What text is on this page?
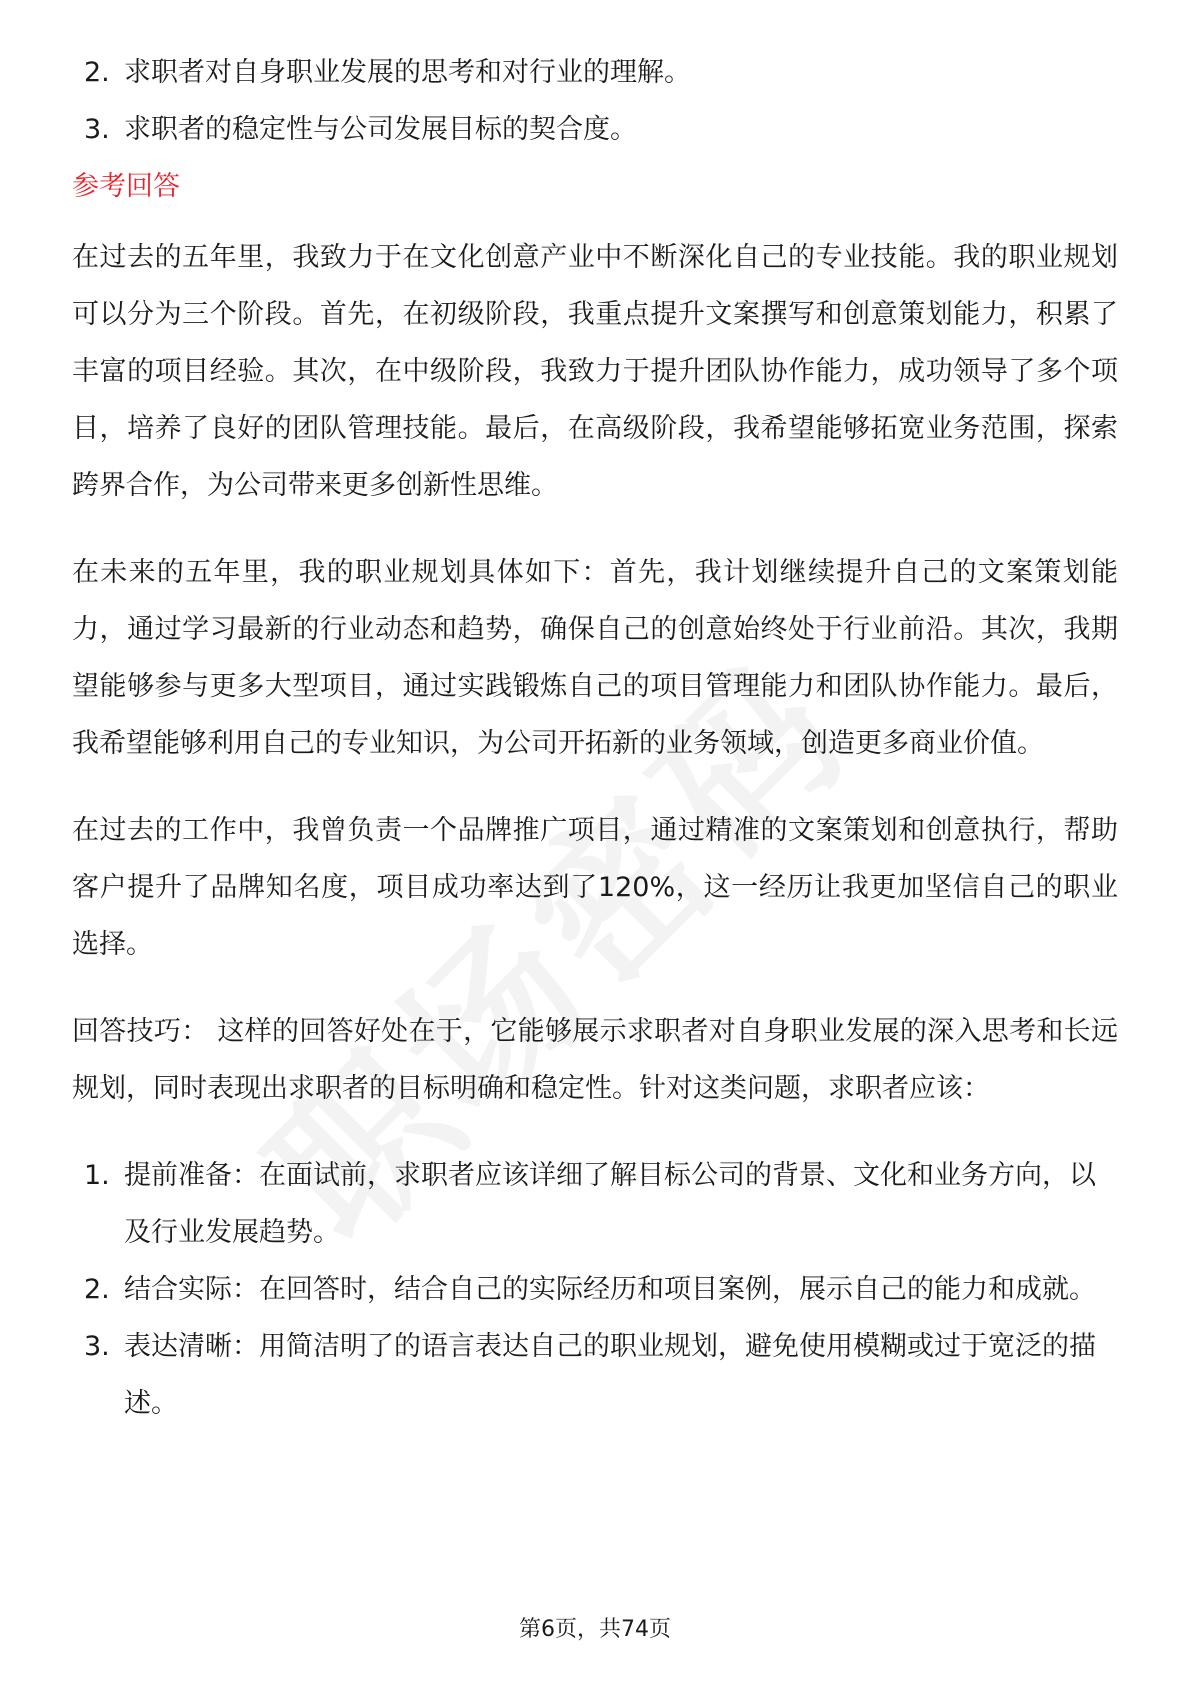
2. 求职者对自身职业发展的思考和对行业的理解。
3. 求职者的稳定性与公司发展目标的契合度。
参考回答

在过去的五年里，我致力于在文化创意产业中不断深化自己的专业技能。我的职业规划可以分为三个阶段。首先，在初级阶段，我重点提升文案撰写和创意策划能力，积累了丰富的项目经验。其次，在中级阶段，我致力于提升团队协作能力，成功领导了多个项目，培养了良好的团队管理技能。最后，在高级阶段，我希望能够拓宽业务范围，探索跨界合作，为公司带来更多创新性思维。

在未来的五年里，我的职业规划具体如下：首先，我计划继续提升自己的文案策划能力，通过学习最新的行业动态和趋势，确保自己的创意始终处于行业前沿。其次，我期望能够参与更多大型项目，通过实践锻炼自己的项目管理能力和团队协作能力。最后，我希望能够利用自己的专业知识，为公司开拓新的业务领域，创造更多商业价值。

在过去的工作中，我曾负责一个品牌推广项目，通过精准的文案策划和创意执行，帮助客户提升了品牌知名度，项目成功率达到了120%，这一经历让我更加坚信自己的职业选择。

回答技巧： 这样的回答好处在于，它能够展示求职者对自身职业发展的深入思考和长远规划，同时表现出求职者的目标明确和稳定性。针对这类问题，求职者应该：

1. 提前准备：在面试前，求职者应该详细了解目标公司的背景、文化和业务方向，以及行业发展趋势。
2. 结合实际：在回答时，结合自己的实际经历和项目案例，展示自己的能力和成就。
3. 表达清晰：用简洁明了的语言表达自己的职业规划，避免使用模糊或过于宽泛的描述。
第6页，共74页
